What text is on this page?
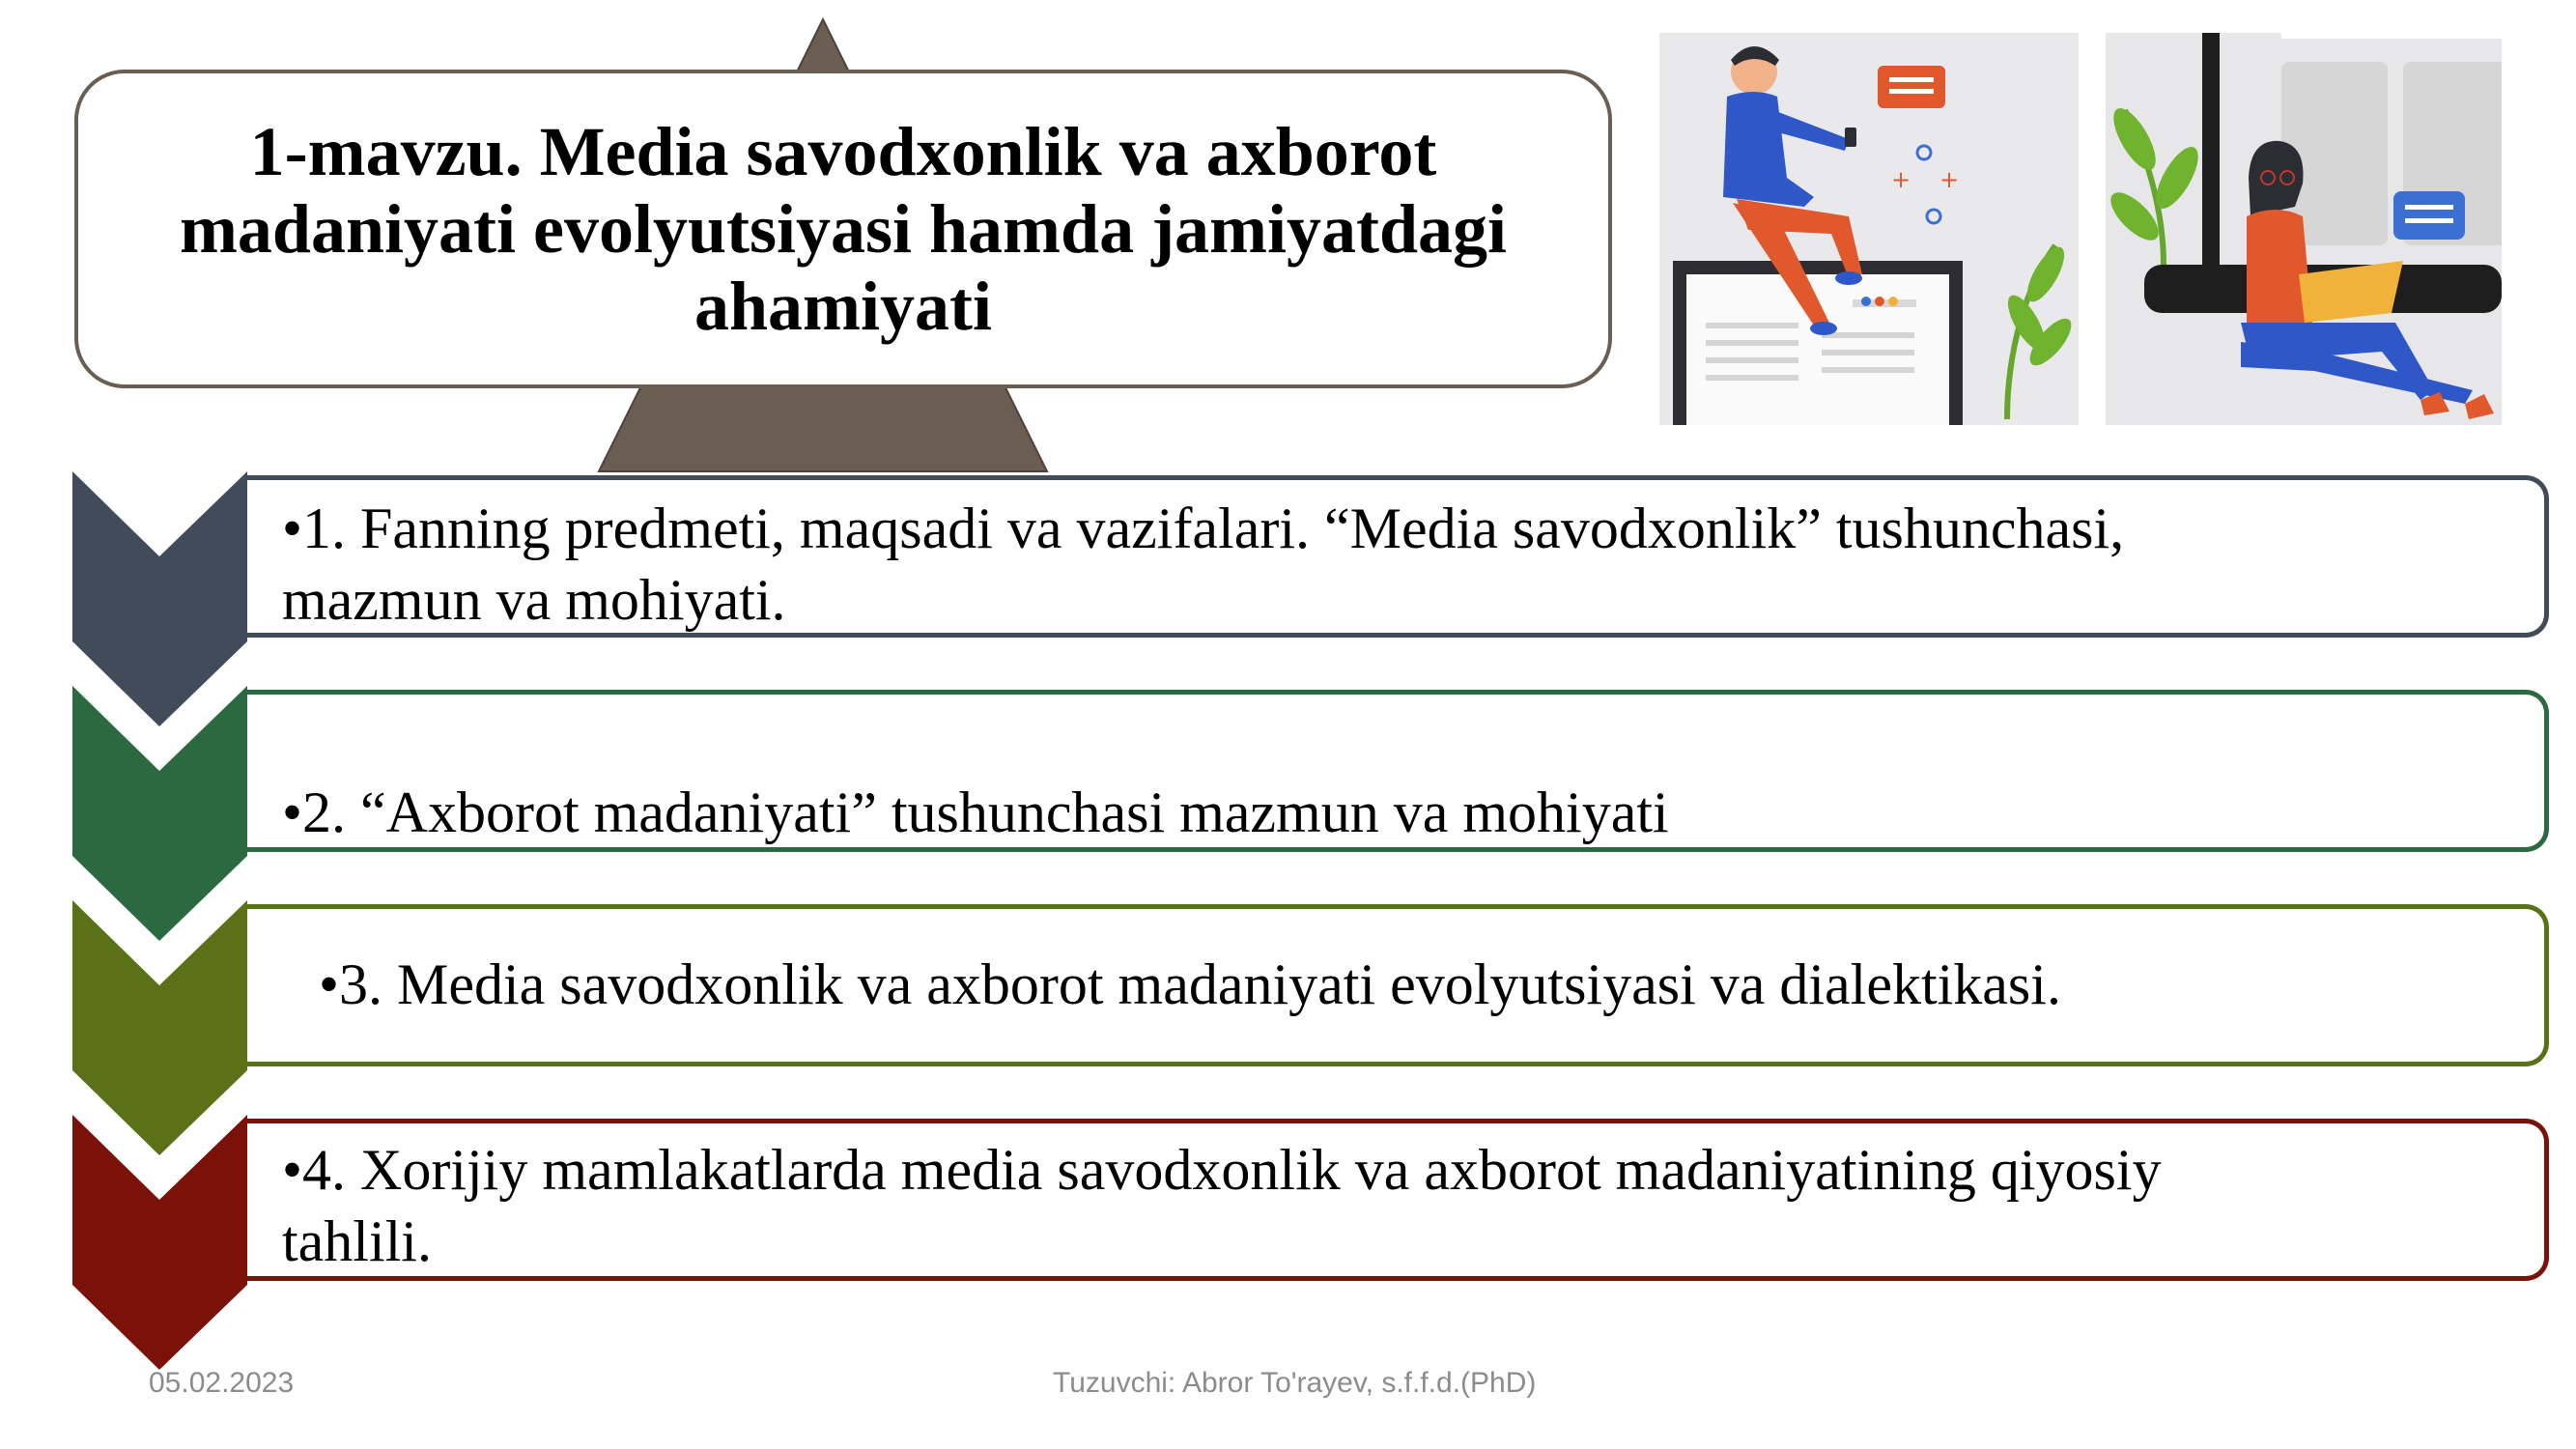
1-mavzu. Media savodxonlik va axborot
madaniyati evolyutsiyasi hamda jamiyatdagi
ahamiyati
+ +
•1. Fanning predmeti, maqsadi va vazifalari. “Media savodxonlik” tushunchasi,
mazmun va mohiyati.
•2. “Axborot madaniyati” tushunchasi mazmun va mohiyati
•3. Media savodxonlik va axborot madaniyati evolyutsiyasi va dialektikasi.
•4. Xorijiy mamlakatlarda media savodxonlik va axborot madaniyatining qiyosiy
tahlili.
05.02.2023	Tuzuvchi: Abror To'rayev, s.f.f.d.(PhD)
